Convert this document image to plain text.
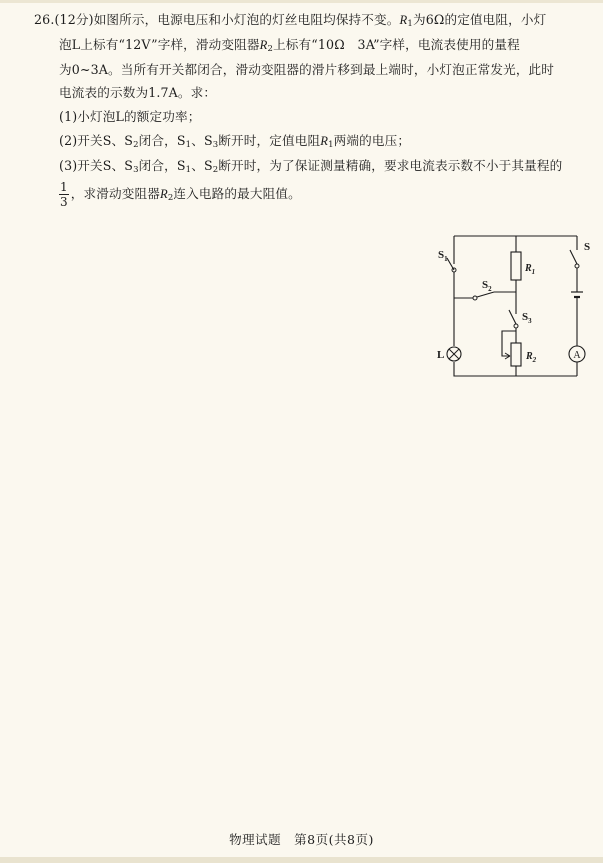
26.(12分)如图所示，电源电压和小灯泡的灯丝电阻均保持不变。$R_1$为6Ω的定值电阻，小灯

泡L上标有“12V”字样，滑动变阻器$R_2$上标有“10Ω　3A”字样，电流表使用的量程

为0~3A。当所有开关都闭合，滑动变阻器的滑片移到最上端时，小灯泡正常发光，此时

电流表的示数为1.7A。求：

(1)小灯泡L的额定功率；

(2)开关S、$S_2$闭合，$S_1$、$S_3$断开时，定值电阻$R_1$两端的电压；

(3)开关S、$S_3$闭合，$S_1$、$S_2$断开时，为了保证测量精确，要求电流表示数不小于其量程的

$\frac{1}{3}$ ，求滑动变阻器$R_2$连入电路的最大阻值。
A
$S_1$
$S_2$
$S_3$
S
$R_1$
$R_2$
L
物理试题　第8页(共8页)
